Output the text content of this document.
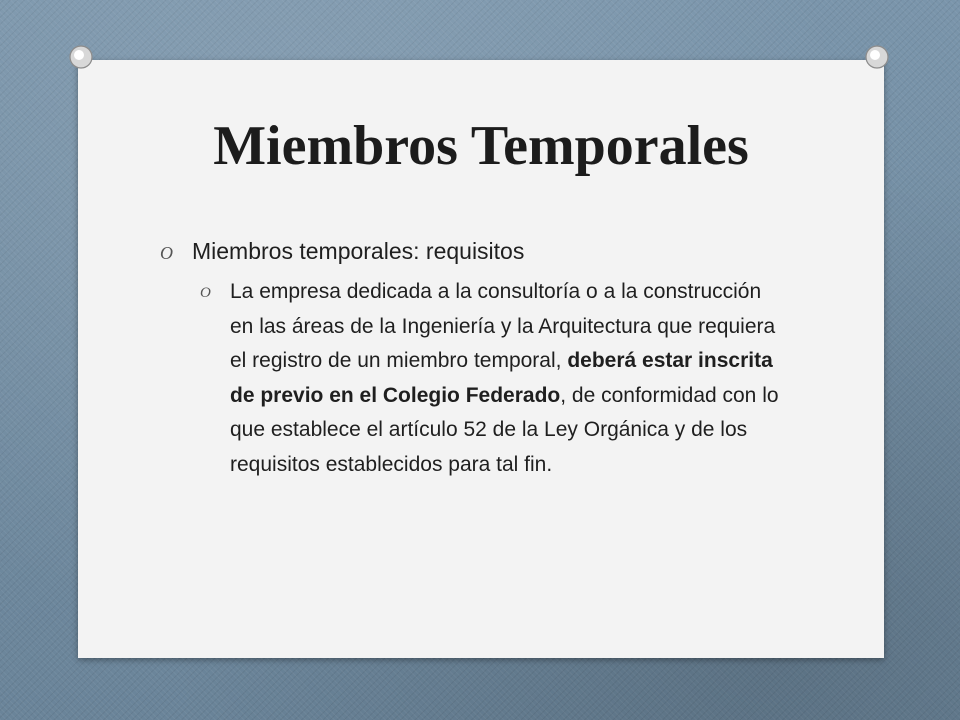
Miembros Temporales
O Miembros temporales: requisitos
O La empresa dedicada a la consultoría o a la construcción en las áreas de la Ingeniería y la Arquitectura que requiera el registro de un miembro temporal, deberá estar inscrita de previo en el Colegio Federado, de conformidad con lo que establece el artículo 52 de la Ley Orgánica y de los requisitos establecidos para tal fin.
